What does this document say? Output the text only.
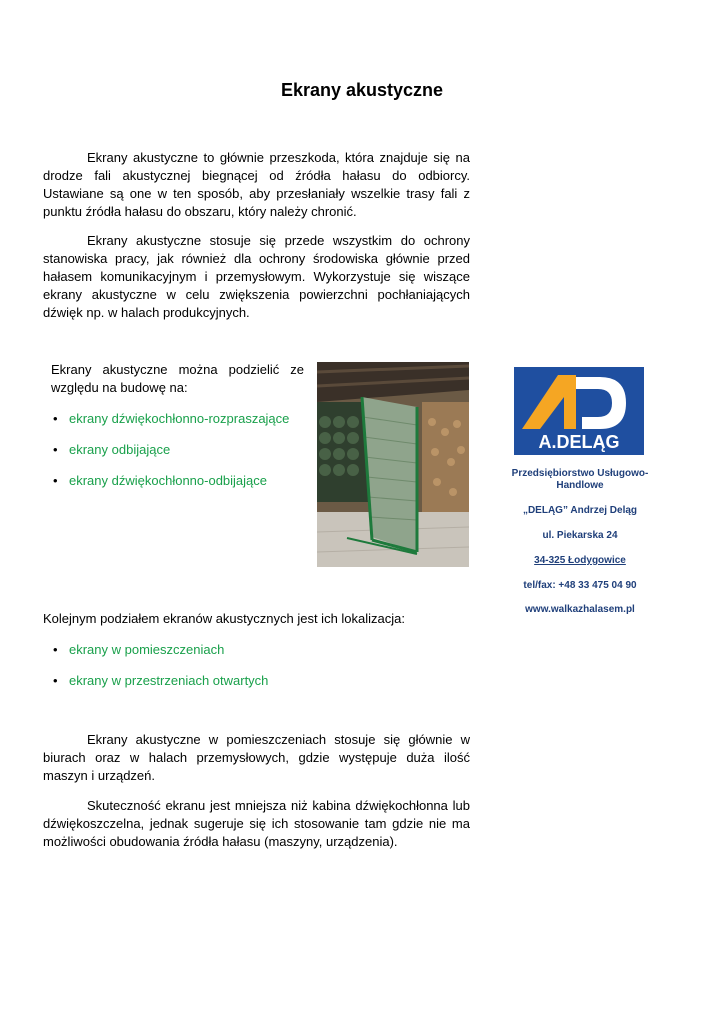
Ekrany akustyczne

Ekrany akustyczne to głównie przeszkoda, która znajduje się na drodze fali akustycznej biegnącej od źródła hałasu do odbiorcy. Ustawiane są one w ten sposób, aby przesłaniały wszelkie trasy fali z punktu źródła hałasu do obszaru, który należy chronić.

Ekrany akustyczne stosuje się przede wszystkim do ochrony stanowiska pracy, jak również dla ochrony środowiska głównie przed hałasem komunikacyjnym i przemysłowym. Wykorzystuje się wiszące ekrany akustyczne w celu zwiększenia powierzchni pochłaniających dźwięk np. w halach produkcyjnych.

Ekrany akustyczne można podzielić ze względu na budowę na:

• ekrany dźwiękochłonno-rozpraszające
• ekrany odbijające
• ekrany dźwiękochłonno-odbijające

Kolejnym podziałem ekranów akustycznych jest ich lokalizacja:

• ekrany w pomieszczeniach
• ekrany w przestrzeniach otwartych

Ekrany akustyczne w pomieszczeniach stosuje się głównie w biurach oraz w halach przemysłowych, gdzie występuje duża ilość maszyn i urządzeń.

Skuteczność ekranu jest mniejsza niż kabina dźwiękochłonna lub dźwiękoszczelna, jednak sugeruje się ich stosowanie tam gdzie nie ma możliwości obudowania źródła hałasu (maszyny, urządzenia).

A.DELĄG
Przedsiębiorstwo Usługowo-Handlowe
„DELĄG” Andrzej Deląg
ul. Piekarska 24
34-325 Łodygowice
tel/fax: +48 33 475 04 90
www.walkazhalasem.pl
